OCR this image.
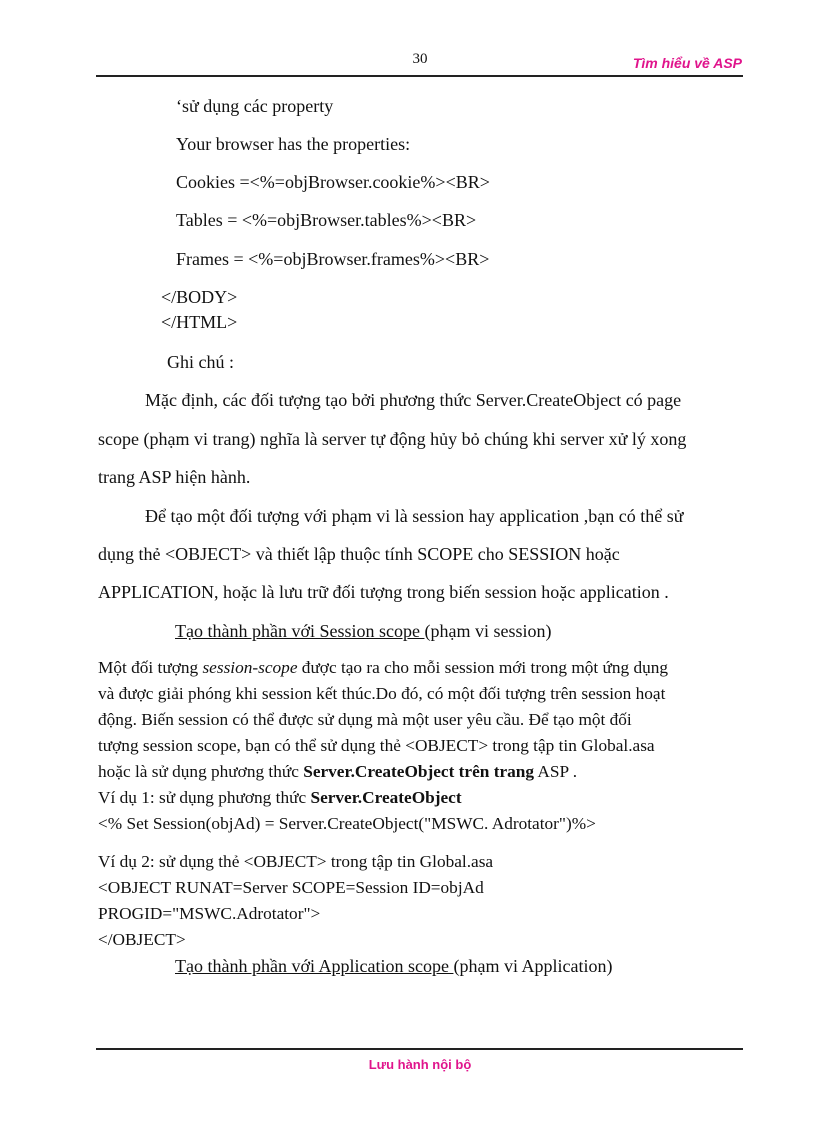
30	Tìm hiểu về ASP
‘sử dụng các property
Your browser has the properties:
Cookies =<%=objBrowser.cookie%><BR>
Tables = <%=objBrowser.tables%><BR>
Frames = <%=objBrowser.frames%><BR>
</BODY>
</HTML>
Ghi chú :
Mặc định, các đối tượng tạo bởi phương thức Server.CreateObject có page
scope (phạm vi trang) nghĩa là server tự động hủy bỏ chúng khi server xử lý xong
trang ASP hiện hành.
Để tạo một đối tượng với phạm vi là session hay application ,bạn có thể sử
dụng thẻ <OBJECT> và thiết lập thuộc tính SCOPE cho SESSION hoặc
APPLICATION, hoặc là lưu trữ đối tượng trong biến session hoặc application .
Tạo thành phần với Session scope (phạm vi session)
Một đối tượng session-scope được tạo ra cho mỗi session mới trong một ứng dụng
và được giải phóng khi session kết thúc.Do đó, có một đối tượng trên session hoạt
động. Biến session có thể được sử dụng mà một user yêu cầu. Để tạo một đối
tượng session scope, bạn có thể sử dụng thẻ <OBJECT> trong tập tin Global.asa
hoặc là sử dụng phương thức Server.CreateObject trên trang ASP .
Ví dụ 1: sử dụng phương thức Server.CreateObject
<% Set Session(objAd) = Server.CreateObject("MSWC. Adrotator")%>
Ví dụ 2: sử dụng thẻ <OBJECT> trong tập tin Global.asa
<OBJECT RUNAT=Server SCOPE=Session ID=objAd
PROGID="MSWC.Adrotator">
</OBJECT>
Tạo thành phần với Application scope (phạm vi Application)
Lưu hành nội bộ
